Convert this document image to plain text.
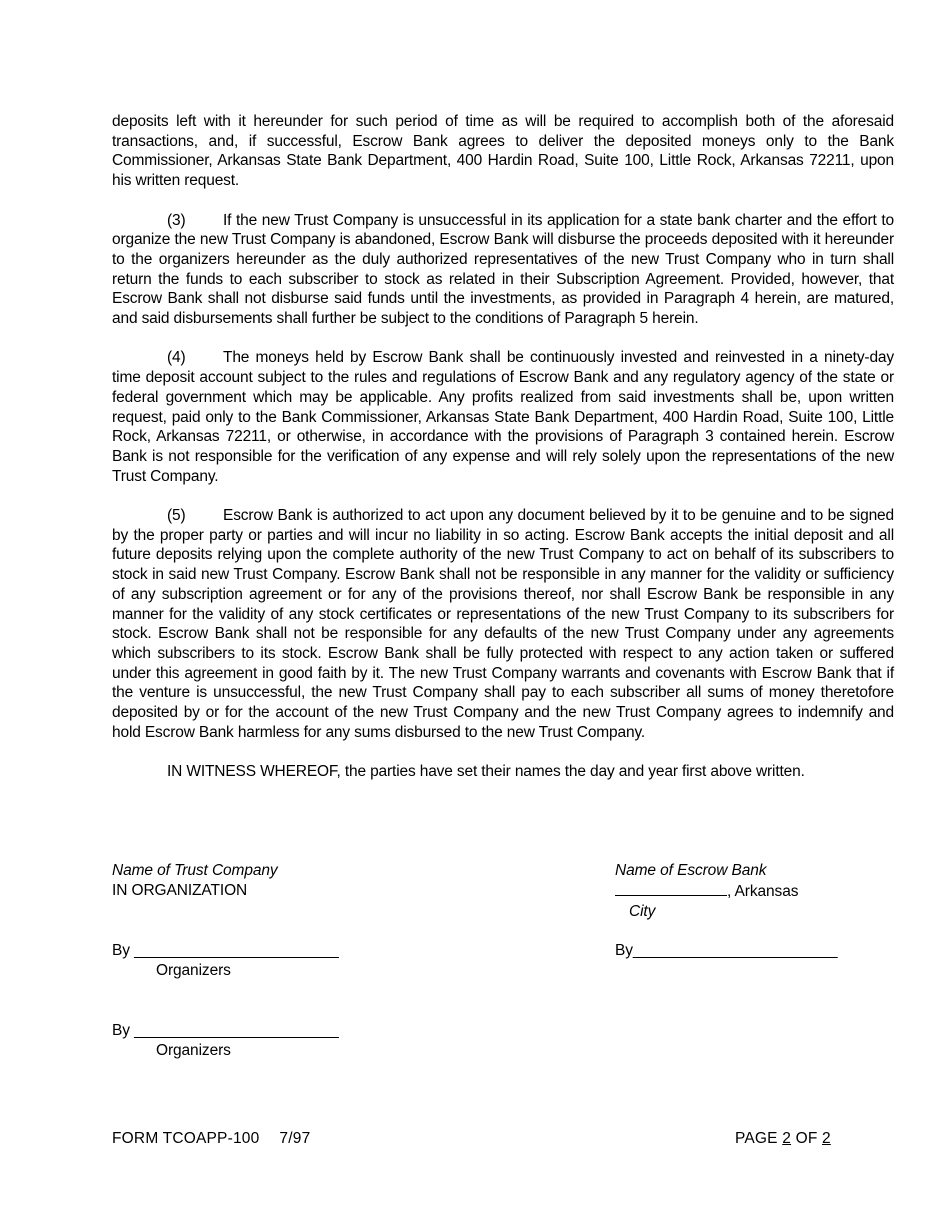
deposits left with it hereunder for such period of time as will be required to accomplish both of the aforesaid transactions, and, if successful, Escrow Bank agrees to deliver the deposited moneys only to the Bank Commissioner, Arkansas State Bank Department, 400 Hardin Road, Suite 100, Little Rock, Arkansas 72211, upon his written request.

(3) If the new Trust Company is unsuccessful in its application for a state bank charter and the effort to organize the new Trust Company is abandoned, Escrow Bank will disburse the proceeds deposited with it hereunder to the organizers hereunder as the duly authorized representatives of the new Trust Company who in turn shall return the funds to each subscriber to stock as related in their Subscription Agreement. Provided, however, that Escrow Bank shall not disburse said funds until the investments, as provided in Paragraph 4 herein, are matured, and said disbursements shall further be subject to the conditions of Paragraph 5 herein.

(4) The moneys held by Escrow Bank shall be continuously invested and reinvested in a ninety-day time deposit account subject to the rules and regulations of Escrow Bank and any regulatory agency of the state or federal government which may be applicable. Any profits realized from said investments shall be, upon written request, paid only to the Bank Commissioner, Arkansas State Bank Department, 400 Hardin Road, Suite 100, Little Rock, Arkansas 72211, or otherwise, in accordance with the provisions of Paragraph 3 contained herein. Escrow Bank is not responsible for the verification of any expense and will rely solely upon the representations of the new Trust Company.

(5) Escrow Bank is authorized to act upon any document believed by it to be genuine and to be signed by the proper party or parties and will incur no liability in so acting. Escrow Bank accepts the initial deposit and all future deposits relying upon the complete authority of the new Trust Company to act on behalf of its subscribers to stock in said new Trust Company. Escrow Bank shall not be responsible in any manner for the validity or sufficiency of any subscription agreement or for any of the provisions thereof, nor shall Escrow Bank be responsible in any manner for the validity of any stock certificates or representations of the new Trust Company to its subscribers for stock. Escrow Bank shall not be responsible for any defaults of the new Trust Company under any agreements which subscribers to its stock. Escrow Bank shall be fully protected with respect to any action taken or suffered under this agreement in good faith by it. The new Trust Company warrants and covenants with Escrow Bank that if the venture is unsuccessful, the new Trust Company shall pay to each subscriber all sums of money theretofore deposited by or for the account of the new Trust Company and the new Trust Company agrees to indemnify and hold Escrow Bank harmless for any sums disbursed to the new Trust Company.

IN WITNESS WHEREOF, the parties have set their names the day and year first above written.

Name of Trust Company
IN ORGANIZATION
By ________________________
Organizers
By ________________________
Organizers
Name of Escrow Bank
, Arkansas
City
By________________________
FORM TCOAPP-100 7/97	PAGE 2 OF 2
